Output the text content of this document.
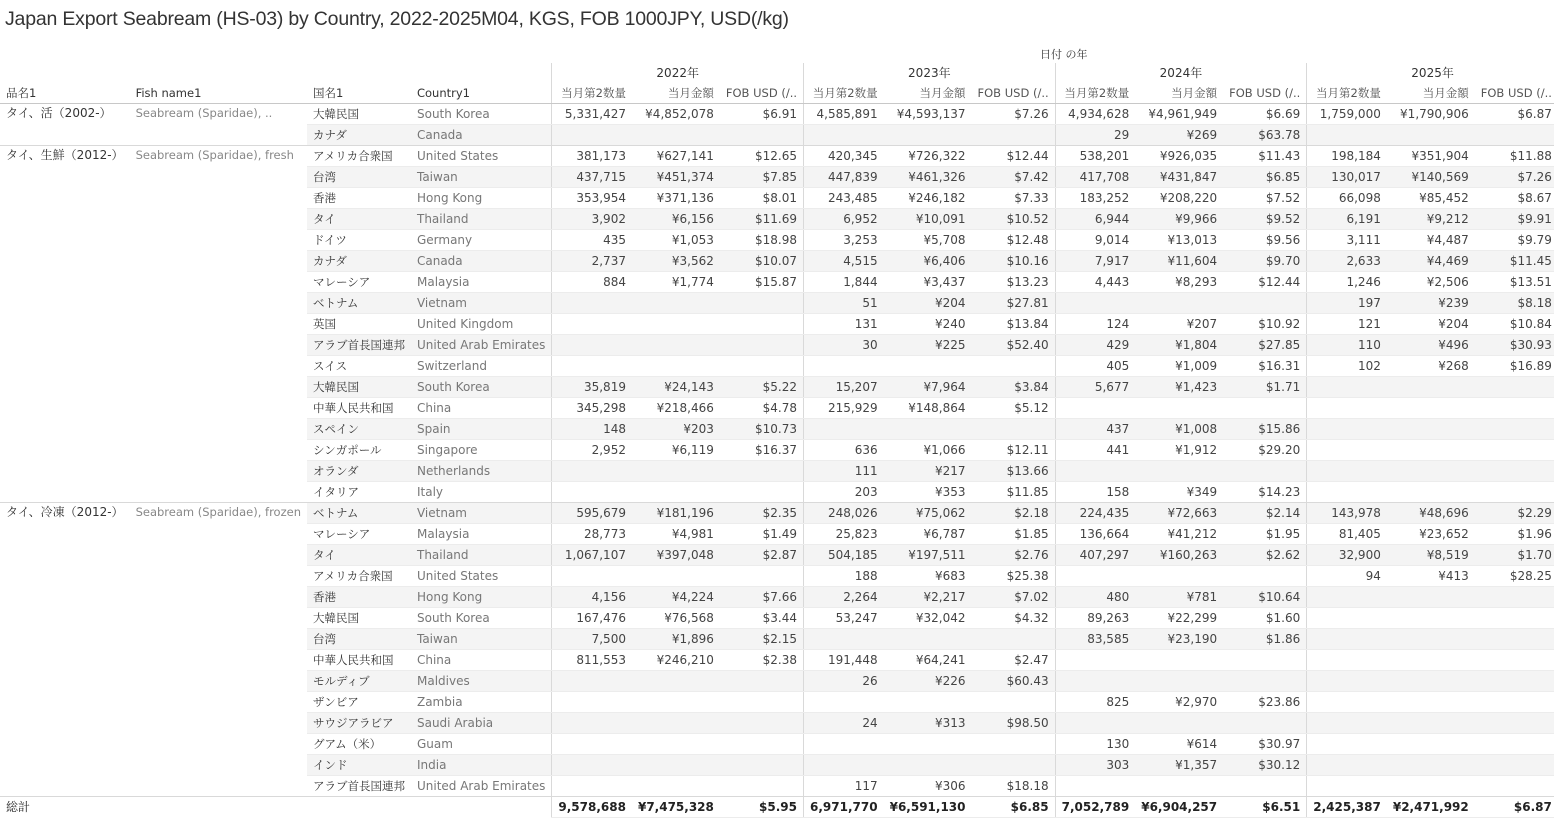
Japan Export Seabream (HS-03) by Country, 2022-2025M04, KGS, FOB 1000JPY, USD(/kg)
日付 の年
				2022年			2023年			2024年			2025年		
品名1	Fish name1	国名1	Country1	当月第2数量	当月金額	FOB USD (/..	当月第2数量	当月金額	FOB USD (/..	当月第2数量	当月金額	FOB USD (/..	当月第2数量	当月金額	FOB USD (/..
タイ、活（2002-）	Seabream (Sparidae), ..	大韓民国	South Korea	5,331,427	¥4,852,078	$6.91	4,585,891	¥4,593,137	$7.26	4,934,628	¥4,961,949	$6.69	1,759,000	¥1,790,906	$6.87
		カナダ	Canada							29	¥269	$63.78			
タイ、生鮮（2012-）	Seabream (Sparidae), fresh	アメリカ合衆国	United States	381,173	¥627,141	$12.65	420,345	¥726,322	$12.44	538,201	¥926,035	$11.43	198,184	¥351,904	$11.88
		台湾	Taiwan	437,715	¥451,374	$7.85	447,839	¥461,326	$7.42	417,708	¥431,847	$6.85	130,017	¥140,569	$7.26
		香港	Hong Kong	353,954	¥371,136	$8.01	243,485	¥246,182	$7.33	183,252	¥208,220	$7.52	66,098	¥85,452	$8.67
		タイ	Thailand	3,902	¥6,156	$11.69	6,952	¥10,091	$10.52	6,944	¥9,966	$9.52	6,191	¥9,212	$9.91
		ドイツ	Germany	435	¥1,053	$18.98	3,253	¥5,708	$12.48	9,014	¥13,013	$9.56	3,111	¥4,487	$9.79
		カナダ	Canada	2,737	¥3,562	$10.07	4,515	¥6,406	$10.16	7,917	¥11,604	$9.70	2,633	¥4,469	$11.45
		マレーシア	Malaysia	884	¥1,774	$15.87	1,844	¥3,437	$13.23	4,443	¥8,293	$12.44	1,246	¥2,506	$13.51
		ベトナム	Vietnam				51	¥204	$27.81				197	¥239	$8.18
		英国	United Kingdom				131	¥240	$13.84	124	¥207	$10.92	121	¥204	$10.84
		アラブ首長国連邦	United Arab Emirates				30	¥225	$52.40	429	¥1,804	$27.85	110	¥496	$30.93
		スイス	Switzerland							405	¥1,009	$16.31	102	¥268	$16.89
		大韓民国	South Korea	35,819	¥24,143	$5.22	15,207	¥7,964	$3.84	5,677	¥1,423	$1.71			
		中華人民共和国	China	345,298	¥218,466	$4.78	215,929	¥148,864	$5.12						
		スペイン	Spain	148	¥203	$10.73				437	¥1,008	$15.86			
		シンガポール	Singapore	2,952	¥6,119	$16.37	636	¥1,066	$12.11	441	¥1,912	$29.20			
		オランダ	Netherlands				111	¥217	$13.66						
		イタリア	Italy				203	¥353	$11.85	158	¥349	$14.23			
タイ、冷凍（2012-）	Seabream (Sparidae), frozen	ベトナム	Vietnam	595,679	¥181,196	$2.35	248,026	¥75,062	$2.18	224,435	¥72,663	$2.14	143,978	¥48,696	$2.29
		マレーシア	Malaysia	28,773	¥4,981	$1.49	25,823	¥6,787	$1.85	136,664	¥41,212	$1.95	81,405	¥23,652	$1.96
		タイ	Thailand	1,067,107	¥397,048	$2.87	504,185	¥197,511	$2.76	407,297	¥160,263	$2.62	32,900	¥8,519	$1.70
		アメリカ合衆国	United States				188	¥683	$25.38				94	¥413	$28.25
		香港	Hong Kong	4,156	¥4,224	$7.66	2,264	¥2,217	$7.02	480	¥781	$10.64			
		大韓民国	South Korea	167,476	¥76,568	$3.44	53,247	¥32,042	$4.32	89,263	¥22,299	$1.60			
		台湾	Taiwan	7,500	¥1,896	$2.15				83,585	¥23,190	$1.86			
		中華人民共和国	China	811,553	¥246,210	$2.38	191,448	¥64,241	$2.47						
		モルディブ	Maldives				26	¥226	$60.43						
		ザンビア	Zambia							825	¥2,970	$23.86			
		サウジアラビア	Saudi Arabia				24	¥313	$98.50						
		グアム（米）	Guam							130	¥614	$30.97			
		インド	India							303	¥1,357	$30.12			
		アラブ首長国連邦	United Arab Emirates				117	¥306	$18.18						
総計				9,578,688	¥7,475,328	$5.95	6,971,770	¥6,591,130	$6.85	7,052,789	¥6,904,257	$6.51	2,425,387	¥2,471,992	$6.87
